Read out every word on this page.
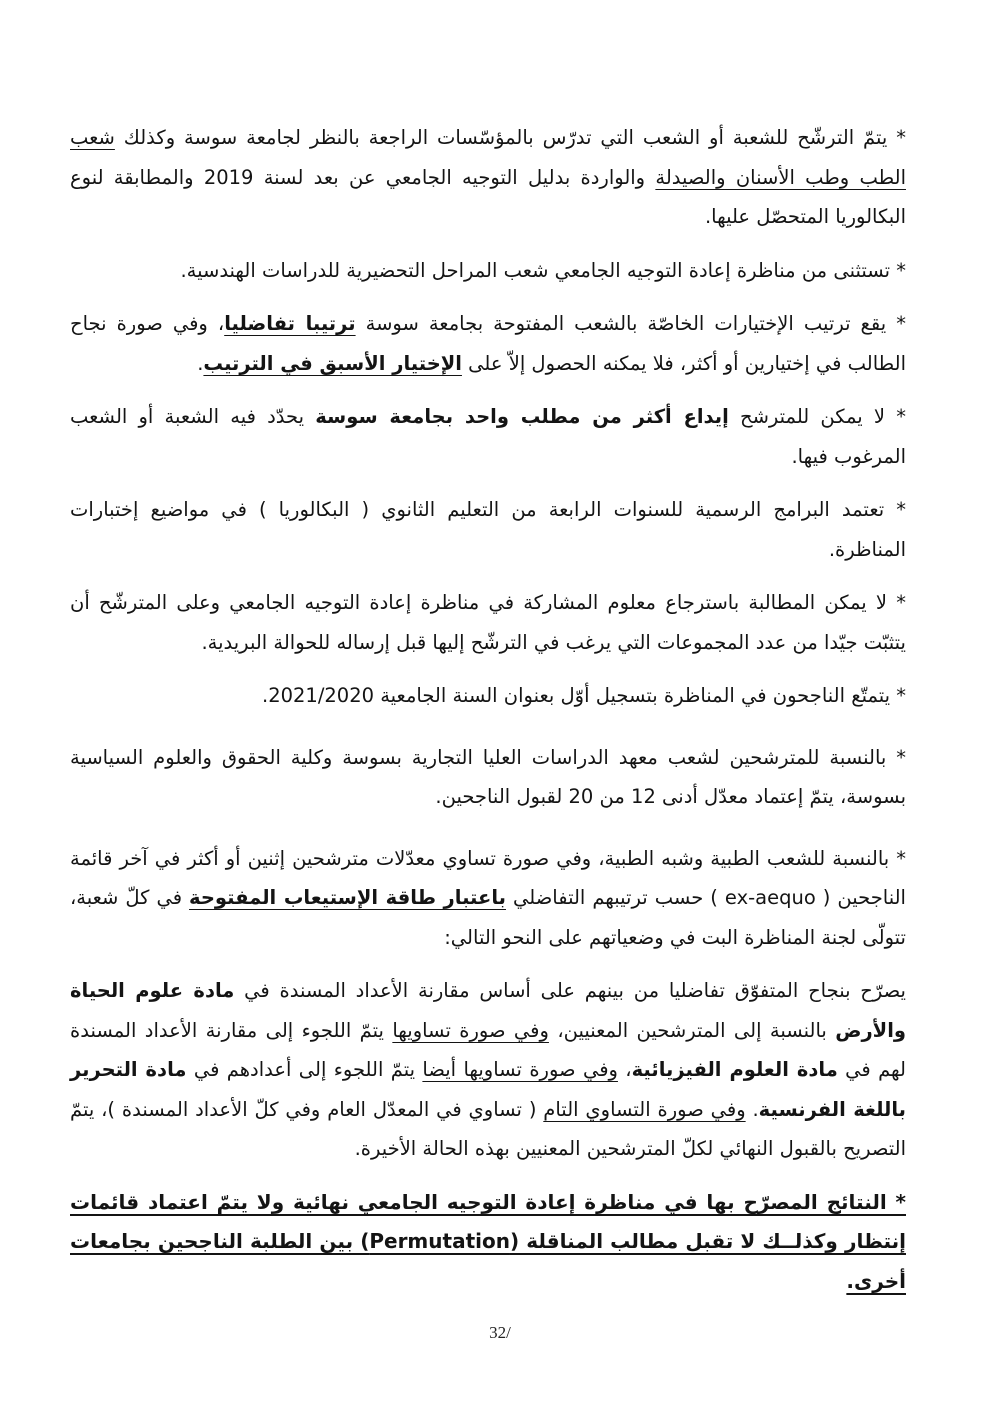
* يتمّ الترشّح للشعبة أو الشعب التي تدرّس بالمؤسّسات الراجعة بالنظر لجامعة سوسة وكذلك شعب الطب وطب الأسنان والصيدلة والواردة بدليل التوجيه الجامعي عن بعد لسنة 2019 والمطابقة لنوع البكالوريا المتحصّل عليها.

* تستثنى من مناظرة إعادة التوجيه الجامعي شعب المراحل التحضيرية للدراسات الهندسية.

* يقع ترتيب الإختيارات الخاصّة بالشعب المفتوحة بجامعة سوسة ترتيبا تفاضليا، وفي صورة نجاح الطالب في إختيارين أو أكثر، فلا يمكنه الحصول إلاّ على الإختيار الأسبق في الترتيب.

* لا يمكن للمترشح إيداع أكثر من مطلب واحد بجامعة سوسة يحدّد فيه الشعبة أو الشعب المرغوب فيها.

* تعتمد البرامج الرسمية للسنوات الرابعة من التعليم الثانوي ( البكالوريا ) في مواضيع إختبارات المناظرة.

* لا يمكن المطالبة باسترجاع معلوم المشاركة في مناظرة إعادة التوجيه الجامعي وعلى المترشّح أن يتثبّت جيّدا من عدد المجموعات التي يرغب في الترشّح إليها قبل إرساله للحوالة البريدية.

* يتمتّع الناجحون في المناظرة بتسجيل أوّل بعنوان السنة الجامعية 2021/2020.

* بالنسبة للمترشحين لشعب معهد الدراسات العليا التجارية بسوسة وكلية الحقوق والعلوم السياسية بسوسة، يتمّ إعتماد معدّل أدنى 12 من 20 لقبول الناجحين.

* بالنسبة للشعب الطبية وشبه الطبية، وفي صورة تساوي معدّلات مترشحين إثنين أو أكثر في آخر قائمة الناجحين ( ex-aequo ) حسب ترتيبهم التفاضلي باعتبار طاقة الإستيعاب المفتوحة في كلّ شعبة، تتولّى لجنة المناظرة البت في وضعياتهم على النحو التالي:

يصرّح بنجاح المتفوّق تفاضليا من بينهم على أساس مقارنة الأعداد المسندة في مادة علوم الحياة والأرض بالنسبة إلى المترشحين المعنيين، وفي صورة تساويها يتمّ اللجوء إلى مقارنة الأعداد المسندة لهم في مادة العلوم الفيزيائية، وفي صورة تساويها أيضا يتمّ اللجوء إلى أعدادهم في مادة التحرير باللغة الفرنسية. وفي صورة التساوي التام ( تساوي في المعدّل العام وفي كلّ الأعداد المسندة )، يتمّ التصريح بالقبول النهائي لكلّ المترشحين المعنيين بهذه الحالة الأخيرة.

* النتائج المصرّح بها في مناظرة إعادة التوجيه الجامعي نهائية ولا يتمّ اعتماد قائمات إنتظار وكذلــك لا تقبل مطالب المناقلة (Permutation) بين الطلبة الناجحين بجامعات أخرى.

32/
